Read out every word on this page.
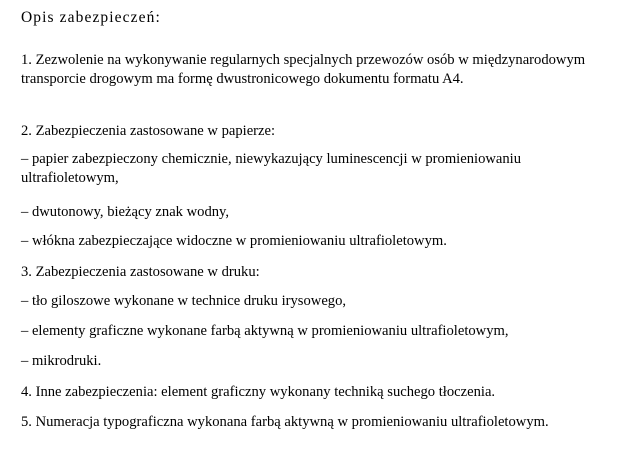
Opis zabezpieczeń:

1. Zezwolenie na wykonywanie regularnych specjalnych przewozów osób w międzynarodowym transporcie drogowym ma formę dwustronicowego dokumentu formatu A4.

2. Zabezpieczenia zastosowane w papierze:

– papier zabezpieczony chemicznie, niewykazujący luminescencji w promieniowaniu ultrafioletowym,

– dwutonowy, bieżący znak wodny,

– włókna zabezpieczające widoczne w promieniowaniu ultrafioletowym.

3. Zabezpieczenia zastosowane w druku:

– tło giloszowe wykonane w technice druku irysowego,

– elementy graficzne wykonane farbą aktywną w promieniowaniu ultrafioletowym,

– mikrodruki.

4. Inne zabezpieczenia: element graficzny wykonany techniką suchego tłoczenia.

5. Numeracja typograficzna wykonana farbą aktywną w promieniowaniu ultrafioletowym.
